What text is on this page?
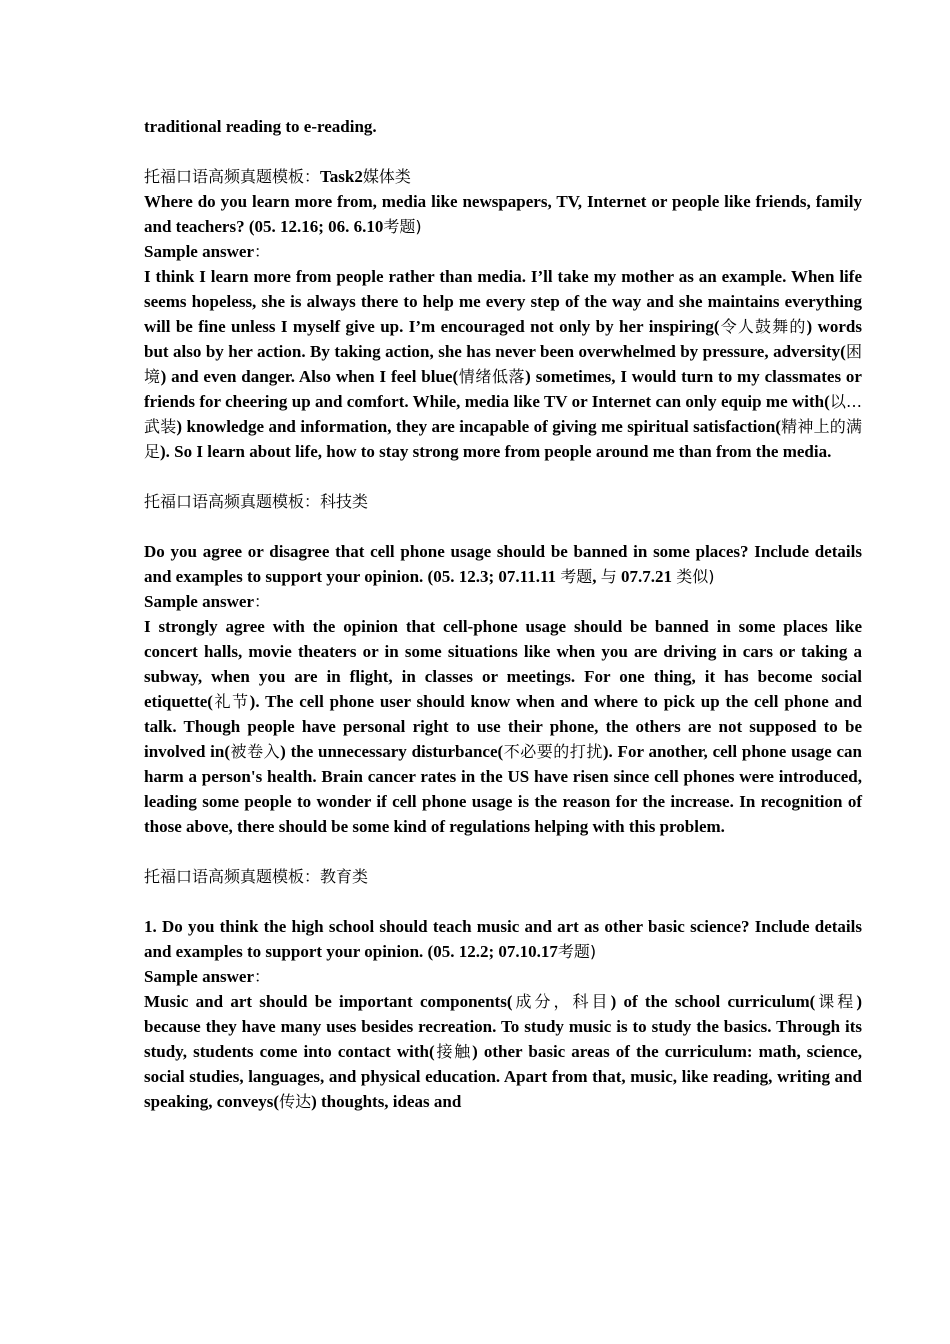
traditional reading to e-reading.

托福口语高频真题模板：Task2媒体类

Where do you learn more from, media like newspapers, TV, Internet or people like friends, family and teachers? (05. 12.16; 06. 6.10考题)

Sample answer：

I think I learn more from people rather than media. I’ll take my mother as an example. When life seems hopeless, she is always there to help me every step of the way and she maintains everything will be fine unless I myself give up. I’m encouraged not only by her inspiring(令人鼓舞的) words but also by her action. By taking action, she has never been overwhelmed by pressure, adversity(困境) and even danger. Also when I feel blue(情绪低落) sometimes, I would turn to my classmates or friends for cheering up and comfort. While, media like TV or Internet can only equip me with(以…武装) knowledge and information, they are incapable of giving me spiritual satisfaction(精神上的满足). So I learn about life, how to stay strong more from people around me than from the media.

托福口语高频真题模板：科技类

Do you agree or disagree that cell phone usage should be banned in some places? Include details and examples to support your opinion. (05. 12.3; 07.11.11 考题, 与 07.7.21 类似)

Sample answer：

I strongly agree with the opinion that cell-phone usage should be banned in some places like concert halls, movie theaters or in some situations like when you are driving in cars or taking a subway, when you are in flight, in classes or meetings. For one thing, it has become social etiquette(礼节). The cell phone user should know when and where to pick up the cell phone and talk. Though people have personal right to use their phone, the others are not supposed to be involved in(被卷入) the unnecessary disturbance(不必要的打扰). For another, cell phone usage can harm a person's health. Brain cancer rates in the US have risen since cell phones were introduced, leading some people to wonder if cell phone usage is the reason for the increase. In recognition of those above, there should be some kind of regulations helping with this problem.

托福口语高频真题模板：教育类

1. Do you think the high school should teach music and art as other basic science? Include details and examples to support your opinion. (05. 12.2; 07.10.17考题)

Sample answer：

Music and art should be important components(成分，科目) of the school curriculum(课程) because they have many uses besides recreation. To study music is to study the basics. Through its study, students come into contact with(接触) other basic areas of the curriculum: math, science, social studies, languages, and physical education. Apart from that, music, like reading, writing and speaking, conveys(传达) thoughts, ideas and
